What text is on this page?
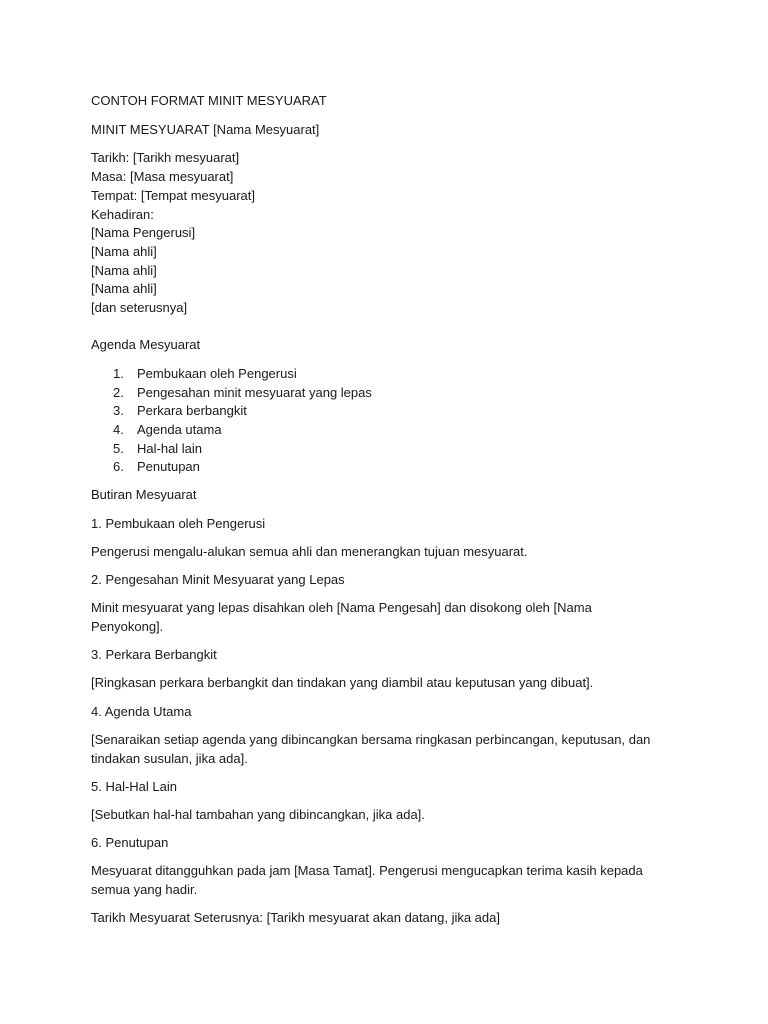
CONTOH FORMAT MINIT MESYUARAT

MINIT MESYUARAT [Nama Mesyuarat]

Tarikh: [Tarikh mesyuarat]

Masa: [Masa mesyuarat]

Tempat: [Tempat mesyuarat]

Kehadiran:

[Nama Pengerusi]

[Nama ahli]

[Nama ahli]

[Nama ahli]

[dan seterusnya]

Agenda Mesyuarat

1.	Pembukaan oleh Pengerusi
2.	Pengesahan minit mesyuarat yang lepas
3.	Perkara berbangkit
4.	Agenda utama
5.	Hal-hal lain
6.	Penutupan

Butiran Mesyuarat

1. Pembukaan oleh Pengerusi

Pengerusi mengalu-alukan semua ahli dan menerangkan tujuan mesyuarat.

2. Pengesahan Minit Mesyuarat yang Lepas

Minit mesyuarat yang lepas disahkan oleh [Nama Pengesah] dan disokong oleh [Nama Penyokong].

3. Perkara Berbangkit

[Ringkasan perkara berbangkit dan tindakan yang diambil atau keputusan yang dibuat].

4. Agenda Utama

[Senaraikan setiap agenda yang dibincangkan bersama ringkasan perbincangan, keputusan, dan tindakan susulan, jika ada].

5. Hal-Hal Lain

[Sebutkan hal-hal tambahan yang dibincangkan, jika ada].

6. Penutupan

Mesyuarat ditangguhkan pada jam [Masa Tamat]. Pengerusi mengucapkan terima kasih kepada semua yang hadir.

Tarikh Mesyuarat Seterusnya: [Tarikh mesyuarat akan datang, jika ada]
